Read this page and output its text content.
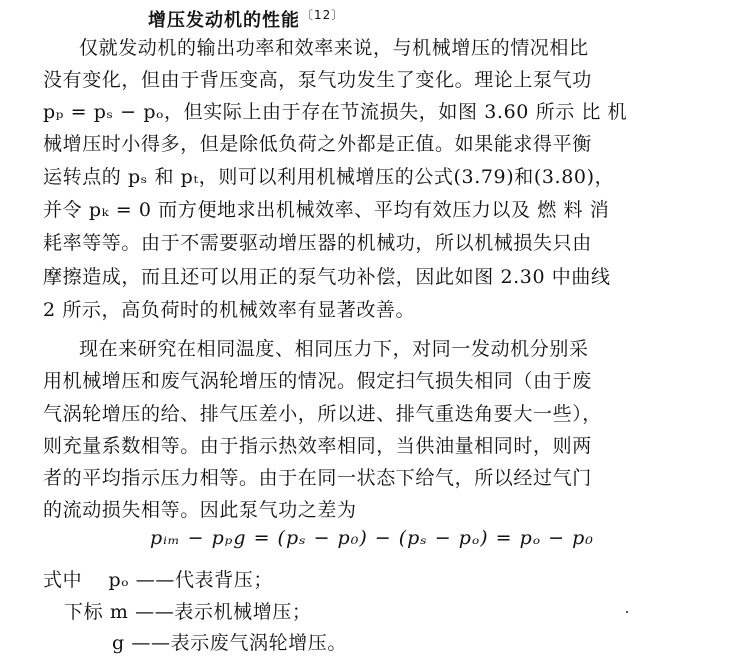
增压发动机的性能$^{〔12〕}$
仅就发动机的输出功率和效率来说，与机械增压的情况相比
没有变化，但由于背压变高，泵气功发生了变化。理论上泵气功
pₚ = pₛ − pₒ，但实际上由于存在节流损失，如图 3.60 所示 比 机
械增压时小得多，但是除低负荷之外都是正值。如果能求得平衡
运转点的 pₛ 和 pₜ，则可以利用机械增压的公式(3.79)和(3.80)，
并令 pₖ = 0 而方便地求出机械效率、平均有效压力以及 燃 料 消
耗率等等。由于不需要驱动增压器的机械功，所以机械损失只由
摩擦造成，而且还可以用正的泵气功补偿，因此如图 2.30 中曲线
2 所示，高负荷时的机械效率有显著改善。
现在来研究在相同温度、相同压力下，对同一发动机分别采
用机械增压和废气涡轮增压的情况。假定扫气损失相同（由于废
气涡轮增压的给、排气压差小，所以进、排气重迭角要大一些），
则充量系数相等。由于指示热效率相同，当供油量相同时，则两
者的平均指示压力相等。由于在同一状态下给气，所以经过气门
的流动损失相等。因此泵气功之差为
pᵢₘ − pₚg = (pₛ − p₀) − (pₛ − pₒ) = pₒ − p₀
式中　 pₒ ——代表背压；
下标 m ——表示机械增压；
g ——表示废气涡轮增压。
